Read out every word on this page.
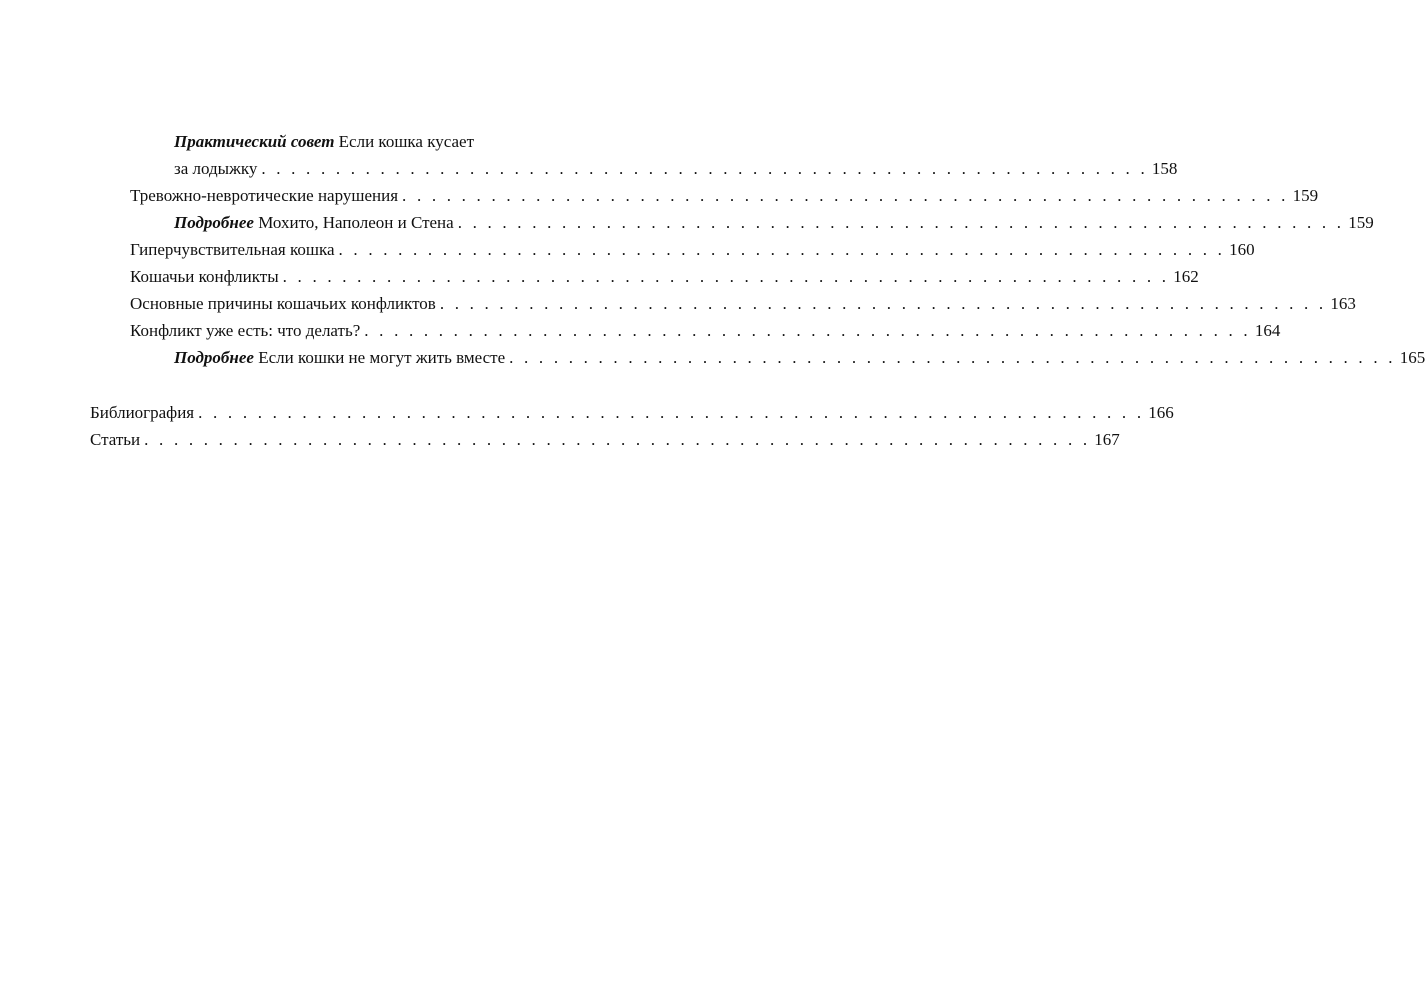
Практический совет Если кошка кусает
за лодыжку . . . . . . . . . . . . . . . . . . . . . . . . . . . . . . . . . . . . . . . . . . . . . . . . . . . . . . . . . . . . 158
Тревожно-невротические нарушения . . . . . . . . . . . . . . . . . . . . . . . . . . . . . . . . . . . . . . . . . . . . . . . . . . . . . . . . . . . . 159
Подробнее Мохито, Наполеон и Стена . . . . . . . . . . . . . . . . . . . . . . . . . . . . . . . . . . . . . . . . . . . . . . . . . . . . . . . . . . . . 159
Гиперчувствительная кошка . . . . . . . . . . . . . . . . . . . . . . . . . . . . . . . . . . . . . . . . . . . . . . . . . . . . . . . . . . . . 160
Кошачьи конфликты . . . . . . . . . . . . . . . . . . . . . . . . . . . . . . . . . . . . . . . . . . . . . . . . . . . . . . . . . . . . 162
Основные причины кошачьих конфликтов . . . . . . . . . . . . . . . . . . . . . . . . . . . . . . . . . . . . . . . . . . . . . . . . . . . . . . . . . . . . 163
Конфликт уже есть: что делать? . . . . . . . . . . . . . . . . . . . . . . . . . . . . . . . . . . . . . . . . . . . . . . . . . . . . . . . . . . . . 164
Подробнее Если кошки не могут жить вместе . . . . . . . . . . . . . . . . . . . . . . . . . . . . . . . . . . . . . . . . . . . . . . . . . . . . . . . . . . . . 165
Библиография . . . . . . . . . . . . . . . . . . . . . . . . . . . . . . . . . . . . . . . . . . . . . . . . . . . . . . . . . . . . . . . . 166
Статьи . . . . . . . . . . . . . . . . . . . . . . . . . . . . . . . . . . . . . . . . . . . . . . . . . . . . . . . . . . . . . . . . 167
